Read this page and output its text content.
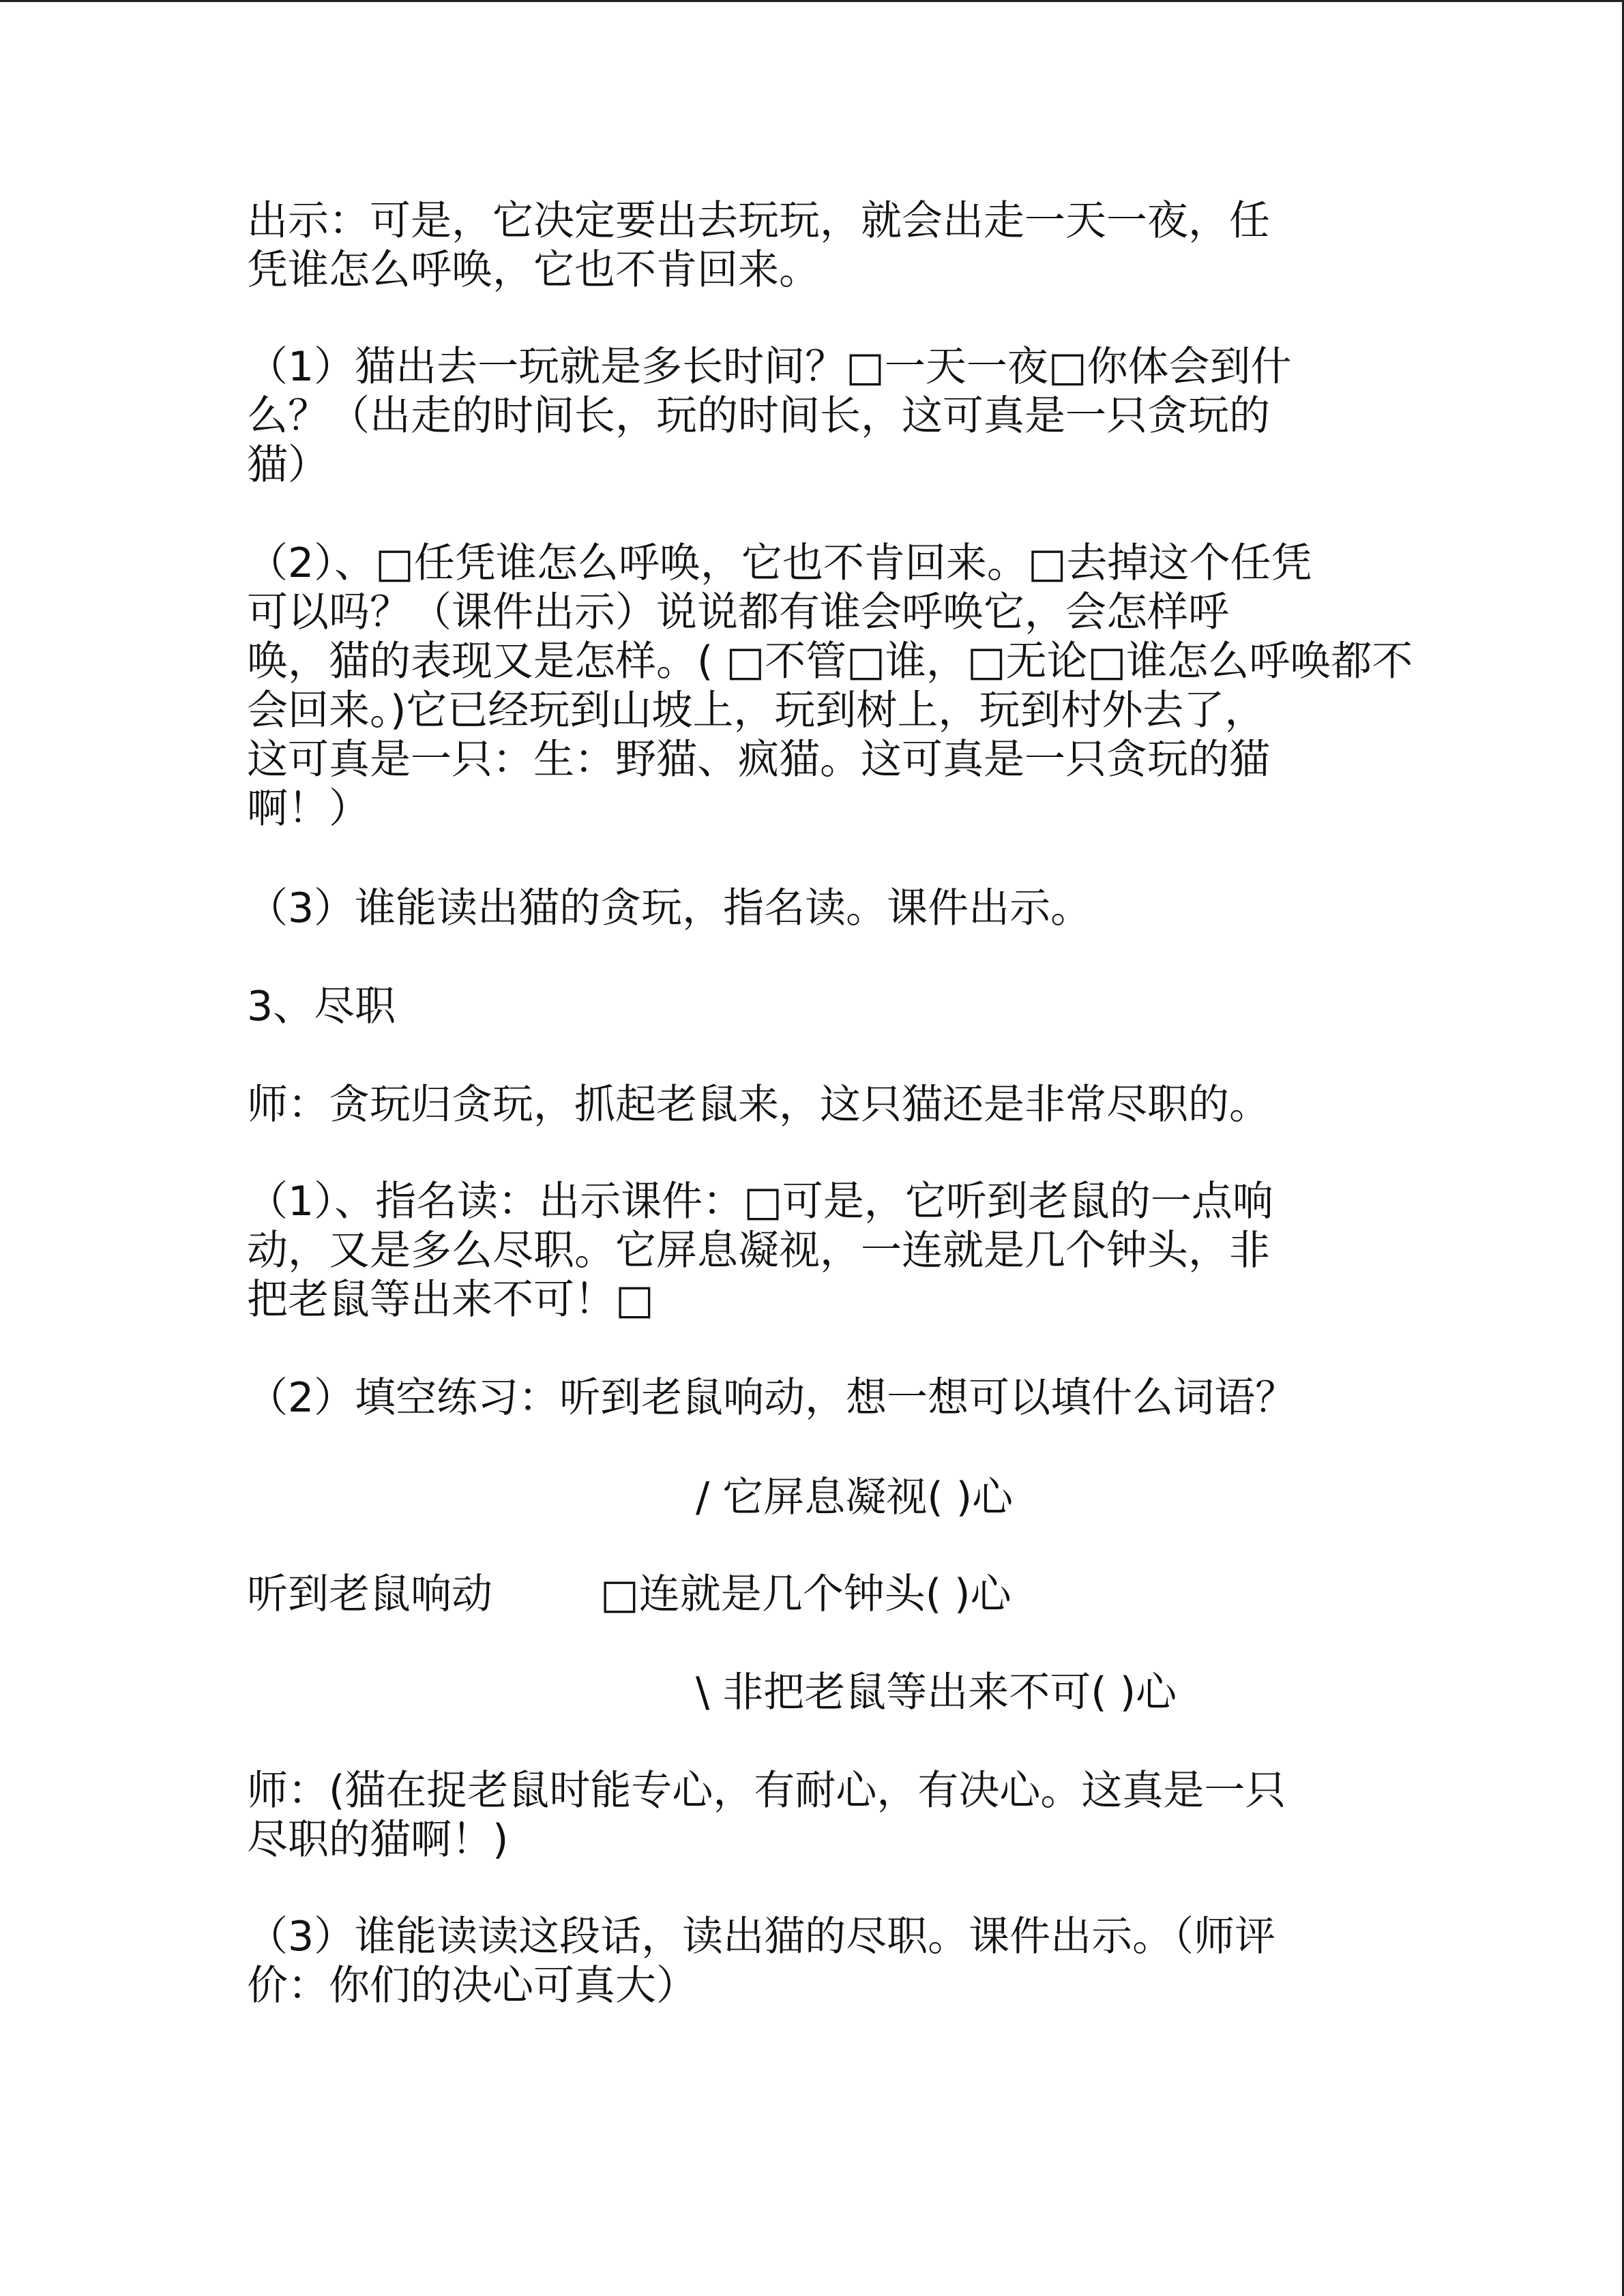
出示：可是，它决定要出去玩玩，就会出走一天一夜，任
凭谁怎么呼唤，它也不肯回来。
（1）猫出去一玩就是多长时间？□一天一夜□你体会到什
么？（出走的时间长，玩的时间长，这可真是一只贪玩的
猫）
（2）、□任凭谁怎么呼唤，它也不肯回来。□去掉这个任凭
可以吗？（课件出示）说说都有谁会呼唤它，会怎样呼
唤，猫的表现又是怎样。( □不管□谁，□无论□谁怎么呼唤都不
会回来。)它已经玩到山坡上，玩到树上，玩到村外去了，
这可真是一只：生：野猫、疯猫。这可真是一只贪玩的猫
啊！）
（3）谁能读出猫的贪玩，指名读。课件出示。
3、尽职
师：贪玩归贪玩，抓起老鼠来，这只猫还是非常尽职的。
（1）、指名读：出示课件：□可是，它听到老鼠的一点响
动，又是多么尽职。它屏息凝视，一连就是几个钟头，非
把老鼠等出来不可！□
（2）填空练习：听到老鼠响动，想一想可以填什么词语？
/ 它屏息凝视( )心
听到老鼠响动	□连就是几个钟头( )心
\ 非把老鼠等出来不可( )心
师：(猫在捉老鼠时能专心，有耐心，有决心。这真是一只
尽职的猫啊！)
（3）谁能读读这段话，读出猫的尽职。课件出示。（师评
价：你们的决心可真大）
